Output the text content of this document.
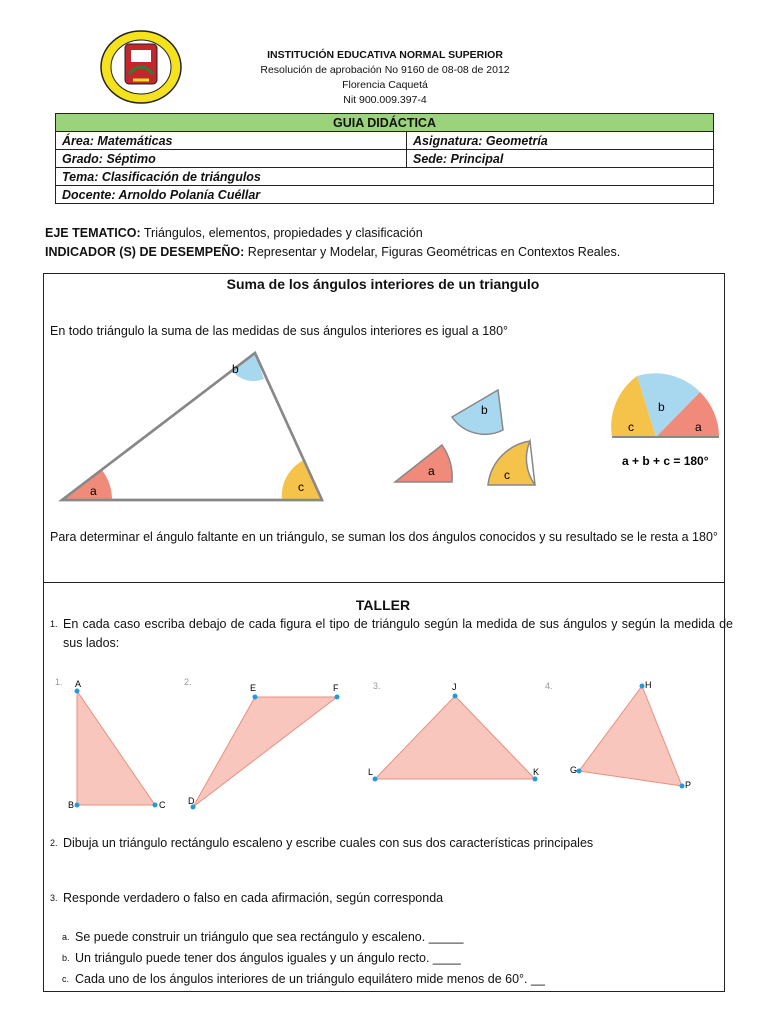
INSTITUCIÓN EDUCATIVA NORMAL SUPERIOR
Resolución de aprobación No 9160 de 08-08 de 2012
Florencia Caquetá
Nit 900.009.397-4
GUIA DIDÁCTICA	
Área: Matemáticas	Asignatura: Geometría
Grado: Séptimo	Sede: Principal
Tema: Clasificación de triángulos	
Docente: Arnoldo Polanía Cuéllar	
EJE TEMATICO: Triángulos, elementos, propiedades y clasificación
INDICADOR (S) DE DESEMPEÑO: Representar y Modelar, Figuras Geométricas en Contextos Reales.
Suma de los ángulos interiores de un triangulo
En todo triángulo la suma de las medidas de sus ángulos interiores es igual a 180°
a
b
c
a
b
c
a
b
c
a + b + c = 180°
Para determinar el ángulo faltante en un triángulo, se suman los dos ángulos conocidos y su resultado se le resta a 180°
TALLER
1. En cada caso escriba debajo de cada figura el tipo de triángulo según la medida de sus ángulos y según la medida de sus lados:
1. A
B	C
2.
E	F
D
3.	J
L	K
4.	H
G
P
2. Dibuja un triángulo rectángulo escaleno y escribe cuales con sus dos características principales
3. Responde verdadero o falso en cada afirmación, según corresponda
a. Se puede construir un triángulo que sea rectángulo y escaleno. _____
b. Un triángulo puede tener dos ángulos iguales y un ángulo recto. ____
c. Cada uno de los ángulos interiores de un triángulo equilátero mide menos de 60°. __
